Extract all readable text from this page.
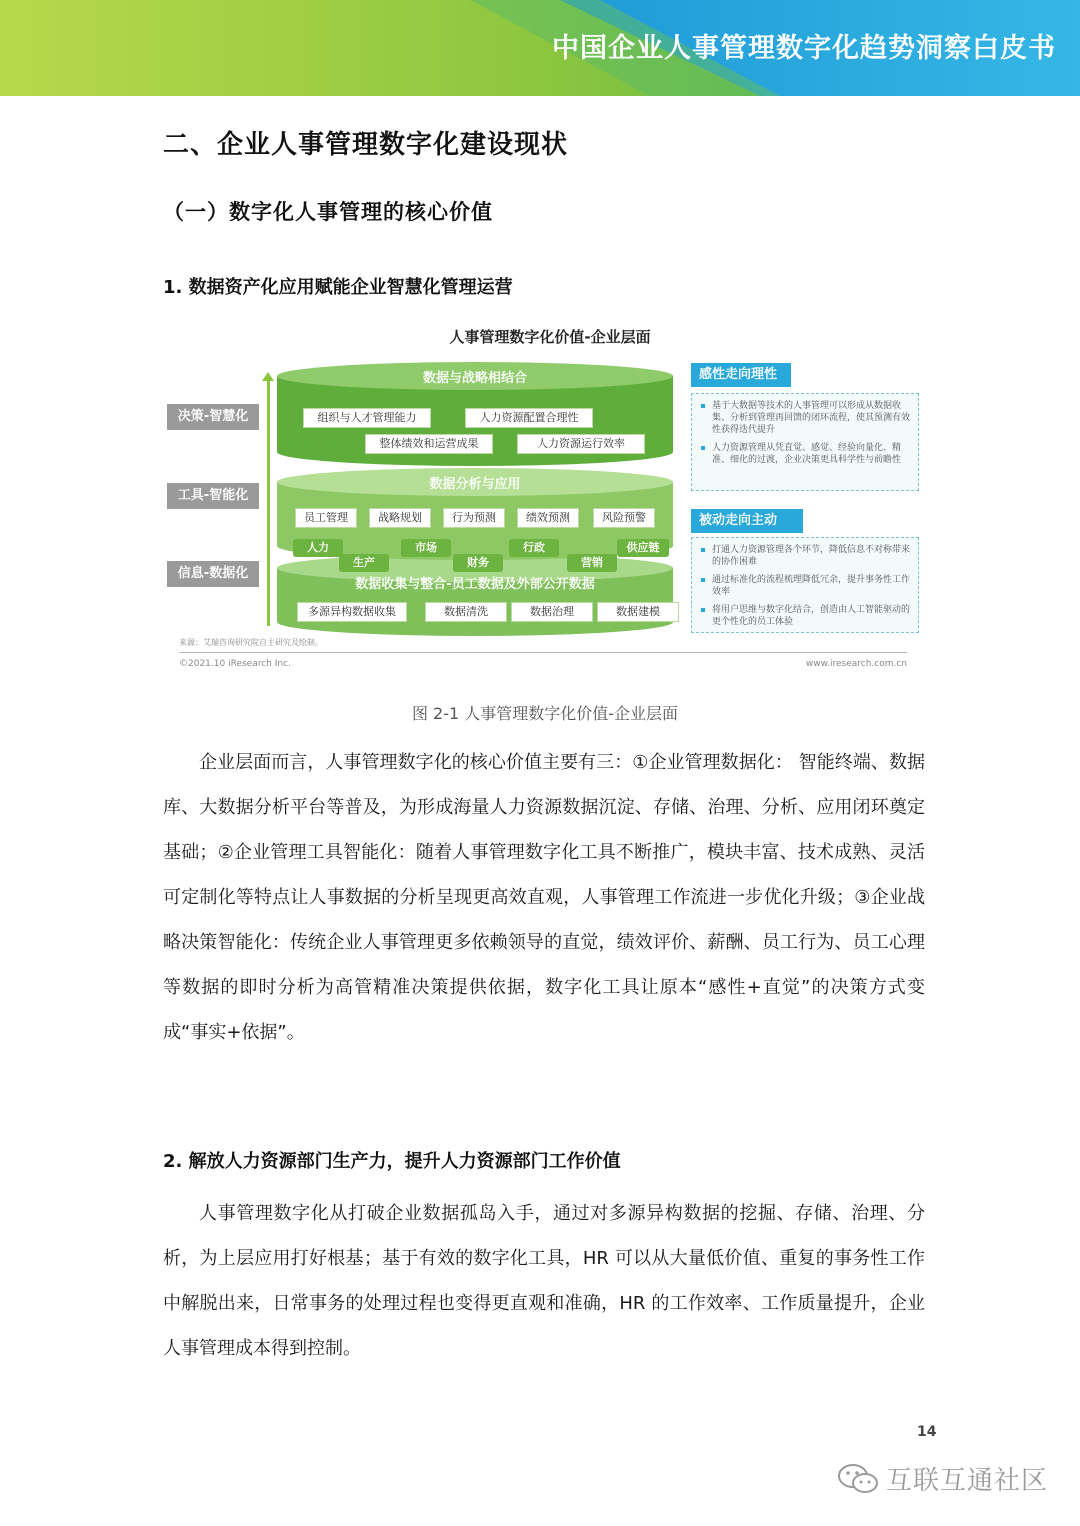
中国企业人事管理数字化趋势洞察白皮书
二、企业人事管理数字化建设现状
（一）数字化人事管理的核心价值
1. 数据资产化应用赋能企业智慧化管理运营
人事管理数字化价值-企业层面
决策-智慧化
工具-智能化
信息-数据化
数据收集与整合-员工数据及外部公开数据
多源异构数据收集	数据清洗	数据治理	数据建模
数据分析与应用
员工管理	战略规划	行为预测	绩效预测	风险预警
人力
生产
市场
财务
行政
营销
供应链
数据与战略相结合
组织与人才管理能力	人力资源配置合理性
整体绩效和运营成果	人力资源运行效率
感性走向理性
基于大数据等技术的人事管理可以形成从数据收集、分析到管理再回馈的闭环流程，使其预测有效性获得迭代提升
人力资源管理从凭直觉、感觉、经验向量化、精准、细化的过渡，企业决策更具科学性与前瞻性
被动走向主动
打通人力资源管理各个环节，降低信息不对称带来的协作困难
通过标准化的流程梳理降低冗余，提升事务性工作效率
将用户思维与数字化结合，创造由人工智能驱动的更个性化的员工体验
来源：艾瑞咨询研究院自主研究及绘制。
©2021.10 iResearch Inc.	www.iresearch.com.cn
图 2-1 人事管理数字化价值-企业层面

企业层面而言，人事管理数字化的核心价值主要有三：①企业管理数据化： 智能终端、数据库、大数据分析平台等普及，为形成海量人力资源数据沉淀、存储、治理、分析、应用闭环奠定基础；②企业管理工具智能化：随着人事管理数字化工具不断推广，模块丰富、技术成熟、灵活可定制化等特点让人事数据的分析呈现更高效直观，人事管理工作流进一步优化升级；③企业战略决策智能化：传统企业人事管理更多依赖领导的直觉，绩效评价、薪酬、员工行为、员工心理等数据的即时分析为高管精准决策提供依据，数字化工具让原本“感性+直觉”的决策方式变成“事实+依据”。

2. 解放人力资源部门生产力，提升人力资源部门工作价值

人事管理数字化从打破企业数据孤岛入手，通过对多源异构数据的挖掘、存储、治理、分析，为上层应用打好根基；基于有效的数字化工具，HR 可以从大量低价值、重复的事务性工作中解脱出来，日常事务的处理过程也变得更直观和准确，HR 的工作效率、工作质量提升，企业人事管理成本得到控制。

14
互联互通社区
